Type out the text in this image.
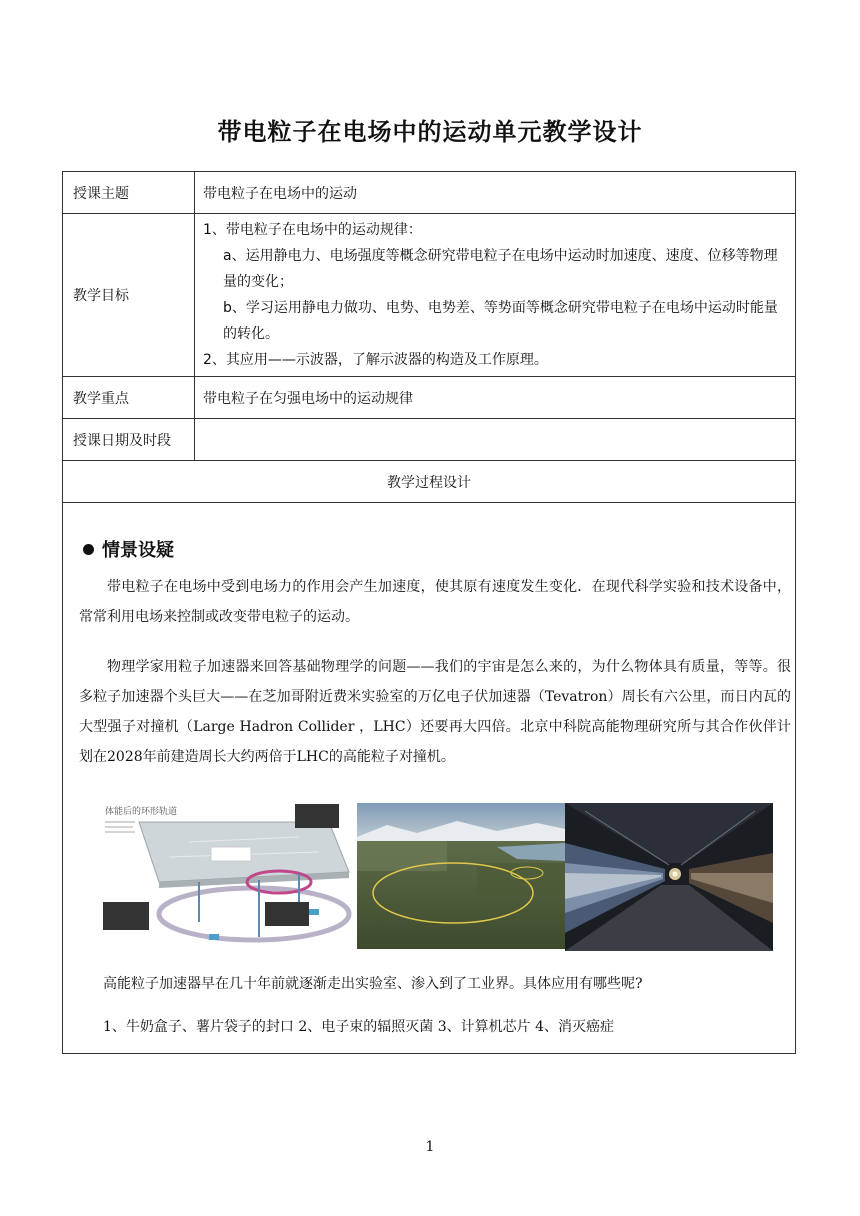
带电粒子在电场中的运动单元教学设计
授课主题	带电粒子在电场中的运动
教学目标
1、带电粒子在电场中的运动规律：
a、运用静电力、电场强度等概念研究带电粒子在电场中运动时加速度、速度、位移等物理量的变化；
b、学习运用静电力做功、电势、电势差、等势面等概念研究带电粒子在电场中运动时能量的转化。
2、其应用——示波器，了解示波器的构造及工作原理。
教学重点	带电粒子在匀强电场中的运动规律
授课日期及时段
教学过程设计
情景设疑
带电粒子在电场中受到电场力的作用会产生加速度，使其原有速度发生变化．在现代科学实验和技术设备中，常常利用电场来控制或改变带电粒子的运动。
物理学家用粒子加速器来回答基础物理学的问题——我们的宇宙是怎么来的，为什么物体具有质量，等等。很多粒子加速器个头巨大——在芝加哥附近费米实验室的万亿电子伏加速器（Tevatron）周长有六公里，而日内瓦的大型强子对撞机（Large Hadron Collider ，LHC）还要再大四倍。北京中科院高能物理研究所与其合作伙伴计划在2028年前建造周长大约两倍于LHC的高能粒子对撞机。
体能后的环形轨道
高能粒子加速器早在几十年前就逐渐走出实验室、渗入到了工业界。具体应用有哪些呢?
1、牛奶盒子、薯片袋子的封口 2、电子束的辐照灭菌 3、计算机芯片 4、消灭癌症
1
